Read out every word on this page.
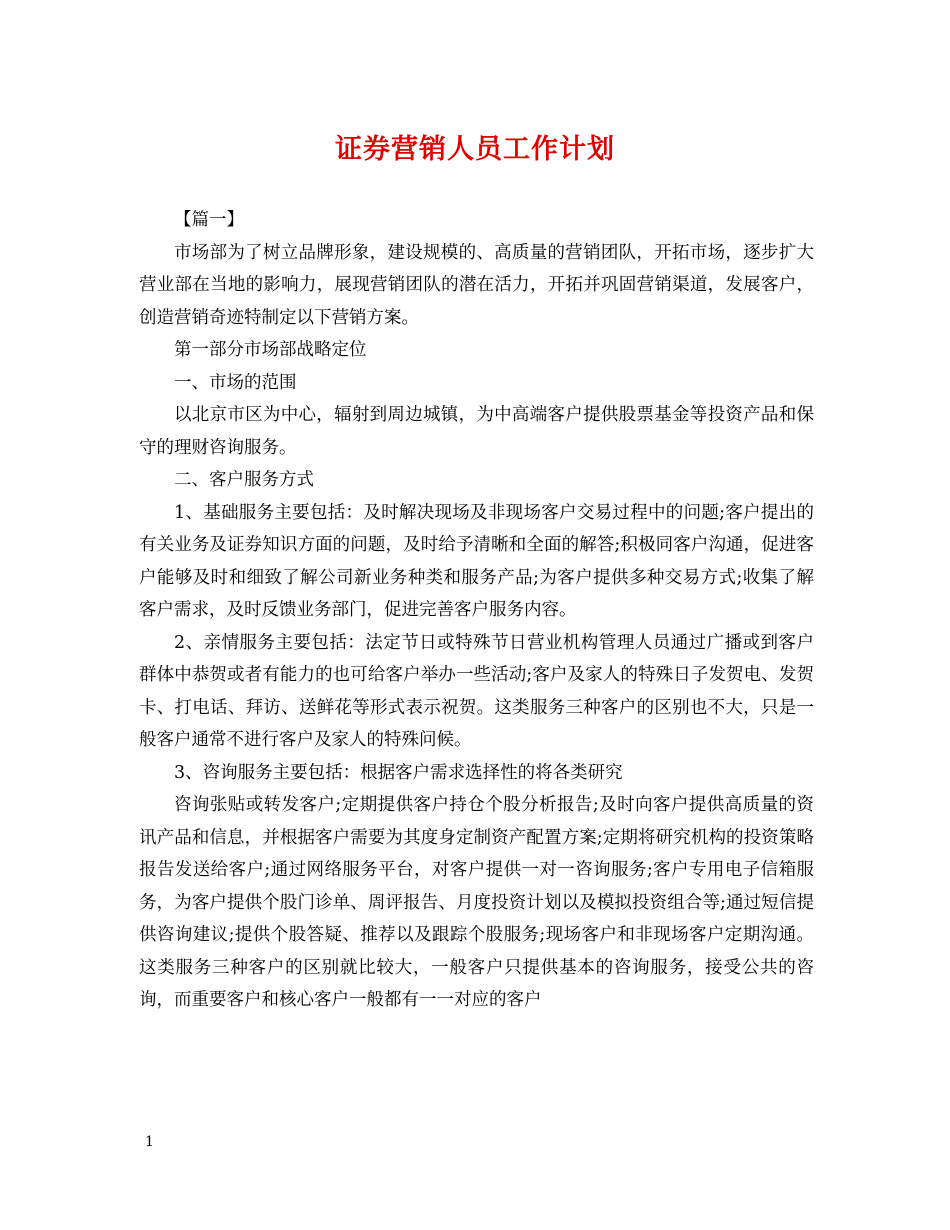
证券营销人员工作计划

【篇一】

市场部为了树立品牌形象，建设规模的、高质量的营销团队，开拓市场，逐步扩大营业部在当地的影响力，展现营销团队的潜在活力，开拓并巩固营销渠道，发展客户，创造营销奇迹特制定以下营销方案。

第一部分市场部战略定位

一、市场的范围

以北京市区为中心，辐射到周边城镇，为中高端客户提供股票基金等投资产品和保守的理财咨询服务。

二、客户服务方式

1、基础服务主要包括：及时解决现场及非现场客户交易过程中的问题;客户提出的有关业务及证券知识方面的问题，及时给予清晰和全面的解答;积极同客户沟通，促进客户能够及时和细致了解公司新业务种类和服务产品;为客户提供多种交易方式;收集了解客户需求，及时反馈业务部门，促进完善客户服务内容。

2、亲情服务主要包括：法定节日或特殊节日营业机构管理人员通过广播或到客户群体中恭贺或者有能力的也可给客户举办一些活动;客户及家人的特殊日子发贺电、发贺卡、打电话、拜访、送鲜花等形式表示祝贺。这类服务三种客户的区别也不大，只是一般客户通常不进行客户及家人的特殊问候。

3、咨询服务主要包括：根据客户需求选择性的将各类研究

咨询张贴或转发客户;定期提供客户持仓个股分析报告;及时向客户提供高质量的资讯产品和信息，并根据客户需要为其度身定制资产配置方案;定期将研究机构的投资策略报告发送给客户;通过网络服务平台，对客户提供一对一咨询服务;客户专用电子信箱服务，为客户提供个股门诊单、周评报告、月度投资计划以及模拟投资组合等;通过短信提供咨询建议;提供个股答疑、推荐以及跟踪个股服务;现场客户和非现场客户定期沟通。这类服务三种客户的区别就比较大，一般客户只提供基本的咨询服务，接受公共的咨询，而重要客户和核心客户一般都有一一对应的客户

1
